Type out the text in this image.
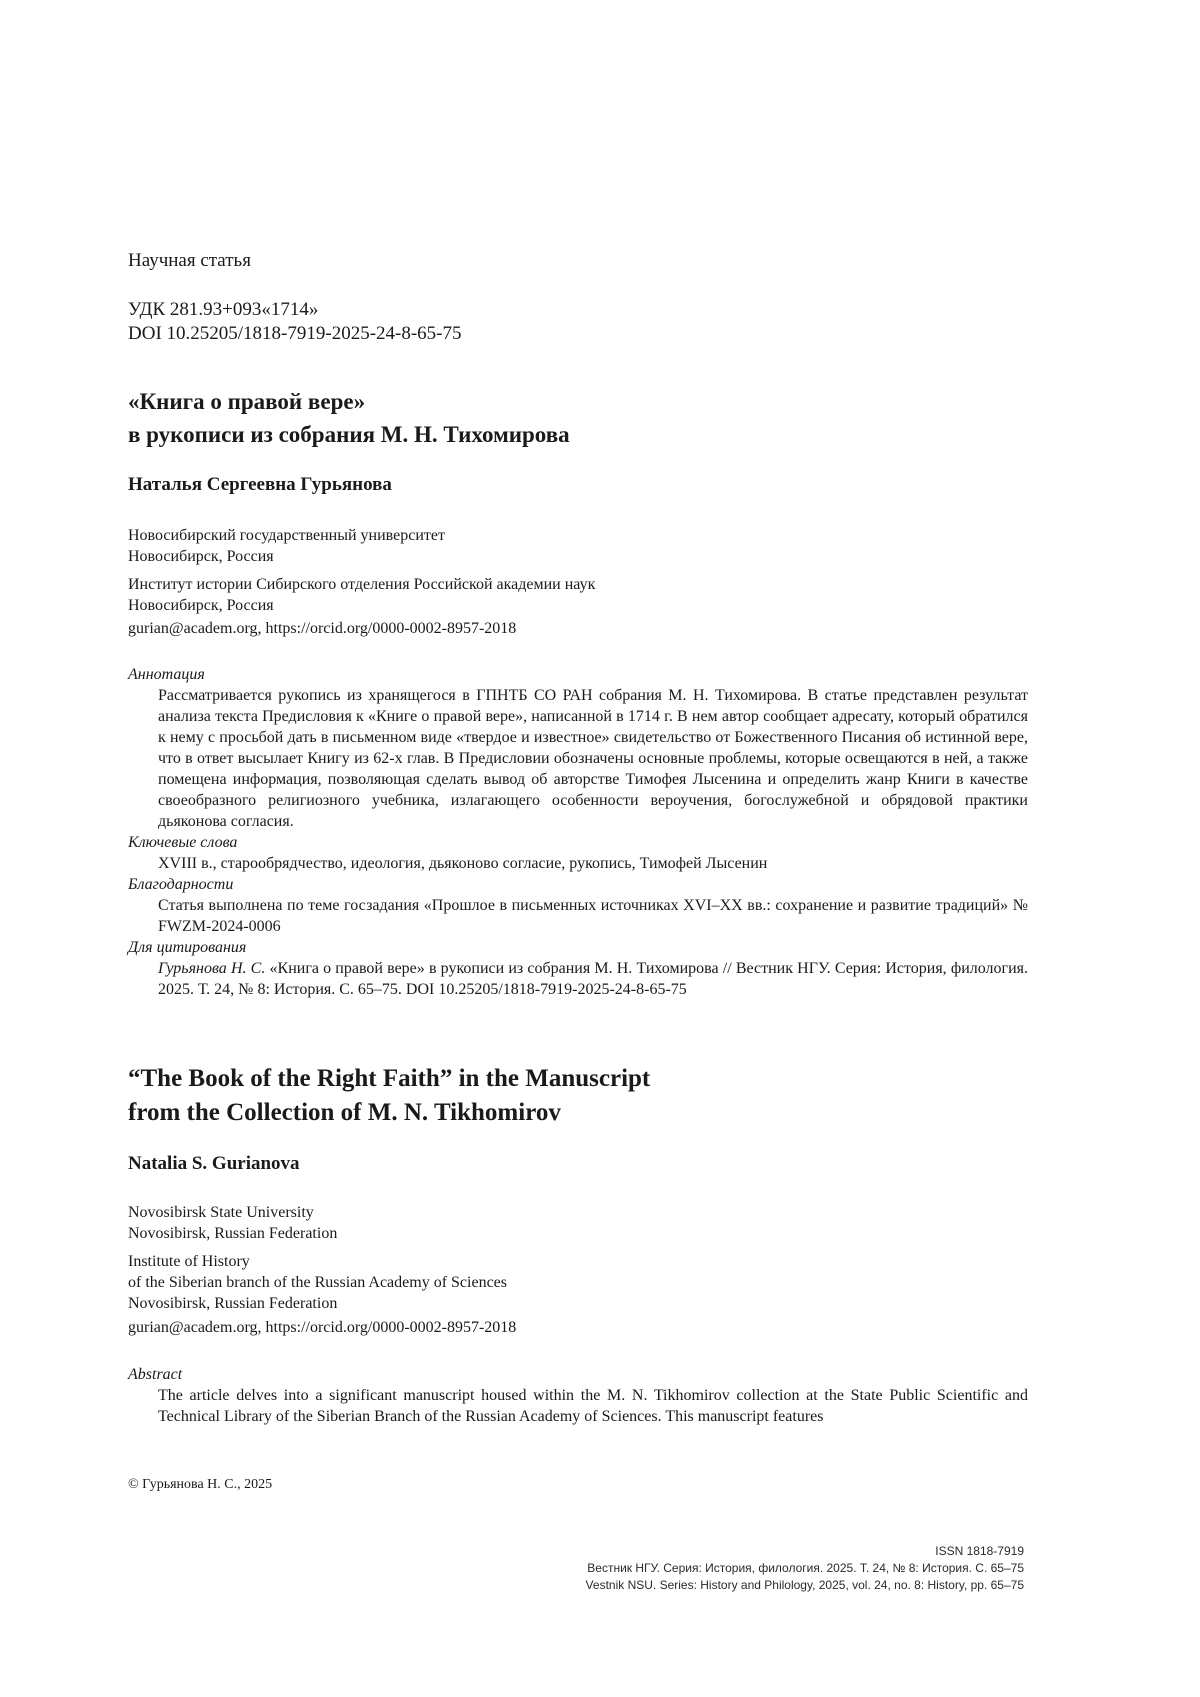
Научная статья
УДК 281.93+093«1714»
DOI 10.25205/1818-7919-2025-24-8-65-75
«Книга о правой вере»
в рукописи из собрания М. Н. Тихомирова
Наталья Сергеевна Гурьянова
Новосибирский государственный университет
Новосибирск, Россия
Институт истории Сибирского отделения Российской академии наук
Новосибирск, Россия
gurian@academ.org, https://orcid.org/0000-0002-8957-2018
Аннотация

Рассматривается рукопись из хранящегося в ГПНТБ СО РАН собрания М. Н. Тихомирова. В статье представлен результат анализа текста Предисловия к «Книге о правой вере», написанной в 1714 г. В нем автор сообщает адресату, который обратился к нему с просьбой дать в письменном виде «твердое и известное» свидетельство от Божественного Писания об истинной вере, что в ответ высылает Книгу из 62-х глав. В Предисловии обозначены основные проблемы, которые освещаются в ней, а также помещена информация, позволяющая сделать вывод об авторстве Тимофея Лысенина и определить жанр Книги в качестве своеобразного религиозного учебника, излагающего особенности вероучения, богослужебной и обрядовой практики дьяконова согласия.

Ключевые слова

XVIII в., старообрядчество, идеология, дьяконово согласие, рукопись, Тимофей Лысенин

Благодарности

Статья выполнена по теме госзадания «Прошлое в письменных источниках XVI–XX вв.: сохранение и развитие традиций» № FWZM-2024-0006

Для цитирования

Гурьянова Н. С. «Книга о правой вере» в рукописи из собрания М. Н. Тихомирова // Вестник НГУ. Серия: История, филология. 2025. Т. 24, № 8: История. С. 65–75. DOI 10.25205/1818-7919-2025-24-8-65-75

“The Book of the Right Faith” in the Manuscript
from the Collection of M. N. Tikhomirov
Natalia S. Gurianova
Novosibirsk State University
Novosibirsk, Russian Federation
Institute of History
of the Siberian branch of the Russian Academy of Sciences
Novosibirsk, Russian Federation
gurian@academ.org, https://orcid.org/0000-0002-8957-2018
Abstract

The article delves into a significant manuscript housed within the M. N. Tikhomirov collection at the State Public Scientific and Technical Library of the Siberian Branch of the Russian Academy of Sciences. This manuscript features

© Гурьянова Н. С., 2025
ISSN 1818-7919
Вестник НГУ. Серия: История, филология. 2025. Т. 24, № 8: История. С. 65–75
Vestnik NSU. Series: History and Philology, 2025, vol. 24, no. 8: History, pp. 65–75
